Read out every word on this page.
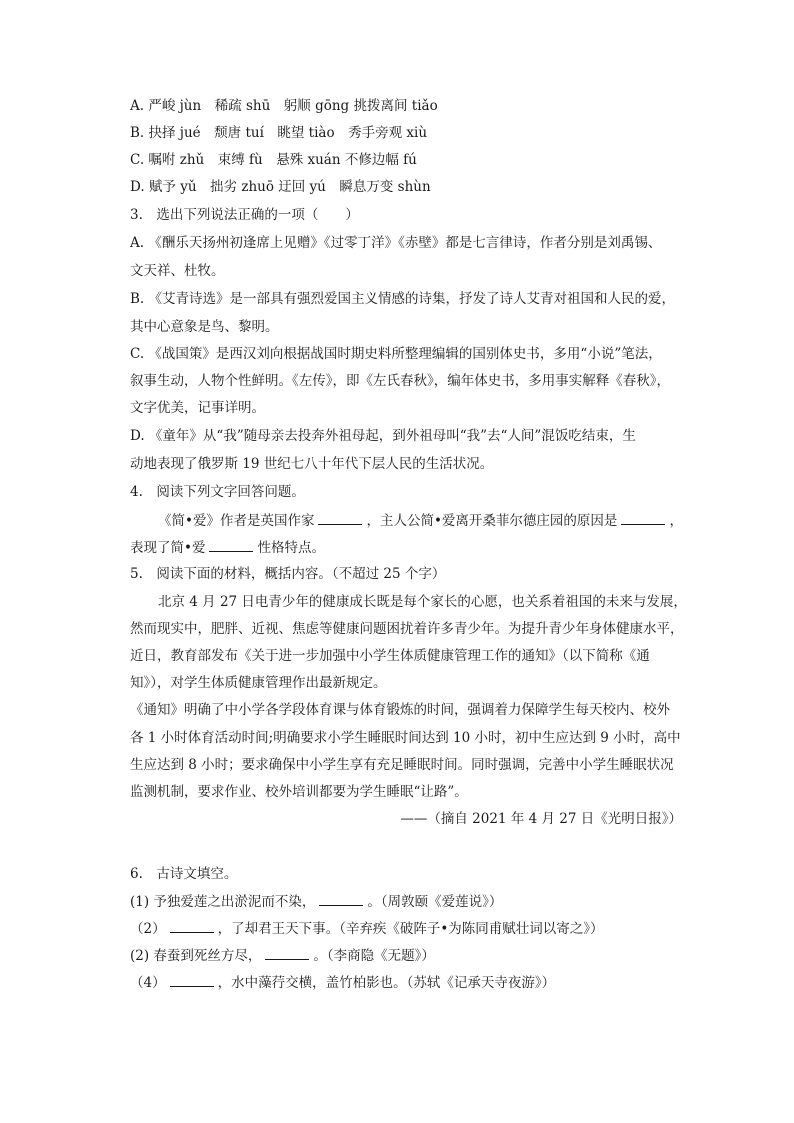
A. 严峻 jùn　稀疏 shū　躬顺 gōng 挑拨离间 tiǎo
B. 抉择 jué　颓唐 tuí　眺望 tiào　秀手旁观 xiù
C. 嘱咐 zhǔ　束缚 fù　悬殊 xuán 不修边幅 fú
D. 赋予 yǔ　拙劣 zhuō 迂回 yú　瞬息万变 shùn
3.　选出下列说法正确的一项（　　）
A. 《酬乐天扬州初逢席上见赠》《过零丁洋》《赤壁》都是七言律诗，作者分别是刘禹锡、
文天祥、杜牧。
B. 《艾青诗选》是一部具有强烈爱国主义情感的诗集，抒发了诗人艾青对祖国和人民的爱，
其中心意象是鸟、黎明。
C. 《战国策》是西汉刘向根据战国时期史料所整理编辑的国别体史书，多用“小说”笔法，
叙事生动，人物个性鲜明。《左传》，即《左氏春秋》，编年体史书，多用事实解释《春秋》，
文字优美，记事详明。
D. 《童年》从“我”随母亲去投奔外祖母起，到外祖母叫“我”去“人间”混饭吃结束，生
动地表现了俄罗斯 19 世纪七八十年代下层人民的生活状况。
4.　阅读下列文字回答问题。
《简•爱》作者是英国作家	，主人公简•爱离开桑菲尔德庄园的原因是	，
表现了简•爱	性格特点。
5.　阅读下面的材料，概括内容。（不超过 25 个字）
北京 4 月 27 日电青少年的健康成长既是每个家长的心愿，也关系着祖国的未来与发展，
然而现实中，肥胖、近视、焦虑等健康问题困扰着许多青少年。为提升青少年身体健康水平，
近日，教育部发布《关于进一步加强中小学生体质健康管理工作的通知》（以下简称《通
知》），对学生体质健康管理作出最新规定。
《通知》明确了中小学各学段体育课与体育锻炼的时间，强调着力保障学生每天校内、校外
各 1 小时体育活动时间;明确要求小学生睡眠时间达到 10 小时，初中生应达到 9 小时，高中
生应达到 8 小时；要求确保中小学生享有充足睡眠时间。同时强调，完善中小学生睡眠状况
监测机制，要求作业、校外培训都要为学生睡眠“让路”。
——（摘自 2021 年 4 月 27 日《光明日报》）
6.　古诗文填空。
(1) 予独爱莲之出淤泥而不染，	。（周敦颐《爱莲说》）
（2）	，了却君王天下事。（辛弃疾《破阵子•为陈同甫赋壮词以寄之》）
(2) 春蚕到死丝方尽，	。（李商隐《无题》）
（4）	，水中藻荇交横，盖竹柏影也。（苏轼《记承天寺夜游》）
